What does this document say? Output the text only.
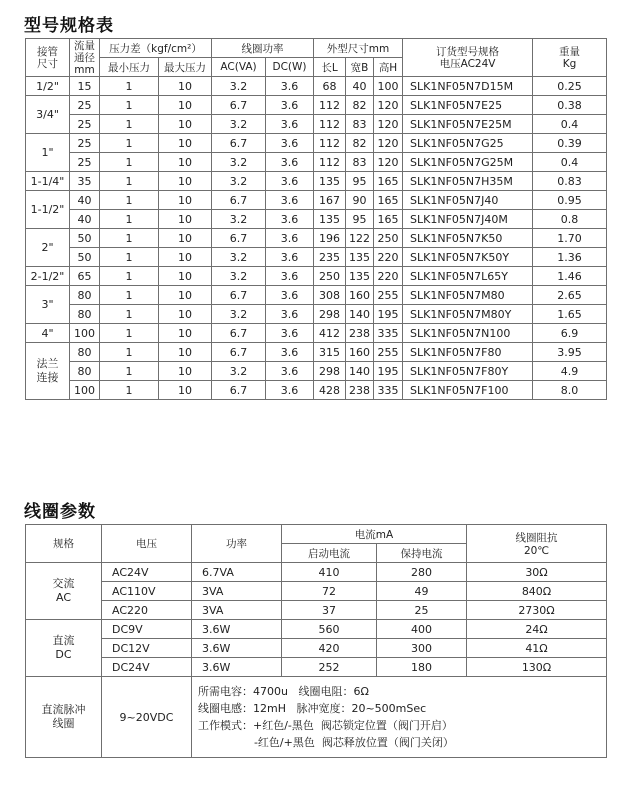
型号规格表
接管
尺寸	流量
通径
mm	压力差（kgf/cm²）		线圈功率		外型尺寸mm			订货型号规格
电压AC24V	重量
Kg
		最小压力	最大压力	AC(VA)	DC(W)	长L	宽B	高H		
1/2"	15	1	10	3.2	3.6	68	40	100	SLK1NF05N7D15M	0.25
3/4"	25	1	10	6.7	3.6	112	82	120	SLK1NF05N7E25	0.38
	25	1	10	3.2	3.6	112	83	120	SLK1NF05N7E25M	0.4
1"	25	1	10	6.7	3.6	112	82	120	SLK1NF05N7G25	0.39
	25	1	10	3.2	3.6	112	83	120	SLK1NF05N7G25M	0.4
1-1/4"	35	1	10	3.2	3.6	135	95	165	SLK1NF05N7H35M	0.83
1-1/2"	40	1	10	6.7	3.6	167	90	165	SLK1NF05N7J40	0.95
	40	1	10	3.2	3.6	135	95	165	SLK1NF05N7J40M	0.8
2"	50	1	10	6.7	3.6	196	122	250	SLK1NF05N7K50	1.70
	50	1	10	3.2	3.6	235	135	220	SLK1NF05N7K50Y	1.36
2-1/2"	65	1	10	3.2	3.6	250	135	220	SLK1NF05N7L65Y	1.46
3"	80	1	10	6.7	3.6	308	160	255	SLK1NF05N7M80	2.65
	80	1	10	3.2	3.6	298	140	195	SLK1NF05N7M80Y	1.65
4"	100	1	10	6.7	3.6	412	238	335	SLK1NF05N7N100	6.9
法兰
连接	80	1	10	6.7	3.6	315	160	255	SLK1NF05N7F80	3.95
	80	1	10	3.2	3.6	298	140	195	SLK1NF05N7F80Y	4.9
	100	1	10	6.7	3.6	428	238	335	SLK1NF05N7F100	8.0
线圈参数
规格	电压	功率	电流mA		线圈阻抗
20℃
			启动电流	保持电流	
交流
AC	AC24V	6.7VA	410	280	30Ω
	AC110V	3VA	72	49	840Ω
	AC220	3VA	37	25	2730Ω
直流
DC	DC9V	3.6W	560	400	24Ω
	DC12V	3.6W	420	300	41Ω
	DC24V	3.6W	252	180	130Ω
直流脉冲
线圈	9~20VDC	所需电容：4700u   线圈电阻：6Ω
线圈电感：12mH   脉冲宽度：20~500mSec
工作模式：+红色/-黑色  阀芯锁定位置（阀门开启）
-红色/+黑色  阀芯释放位置（阀门关闭）			
